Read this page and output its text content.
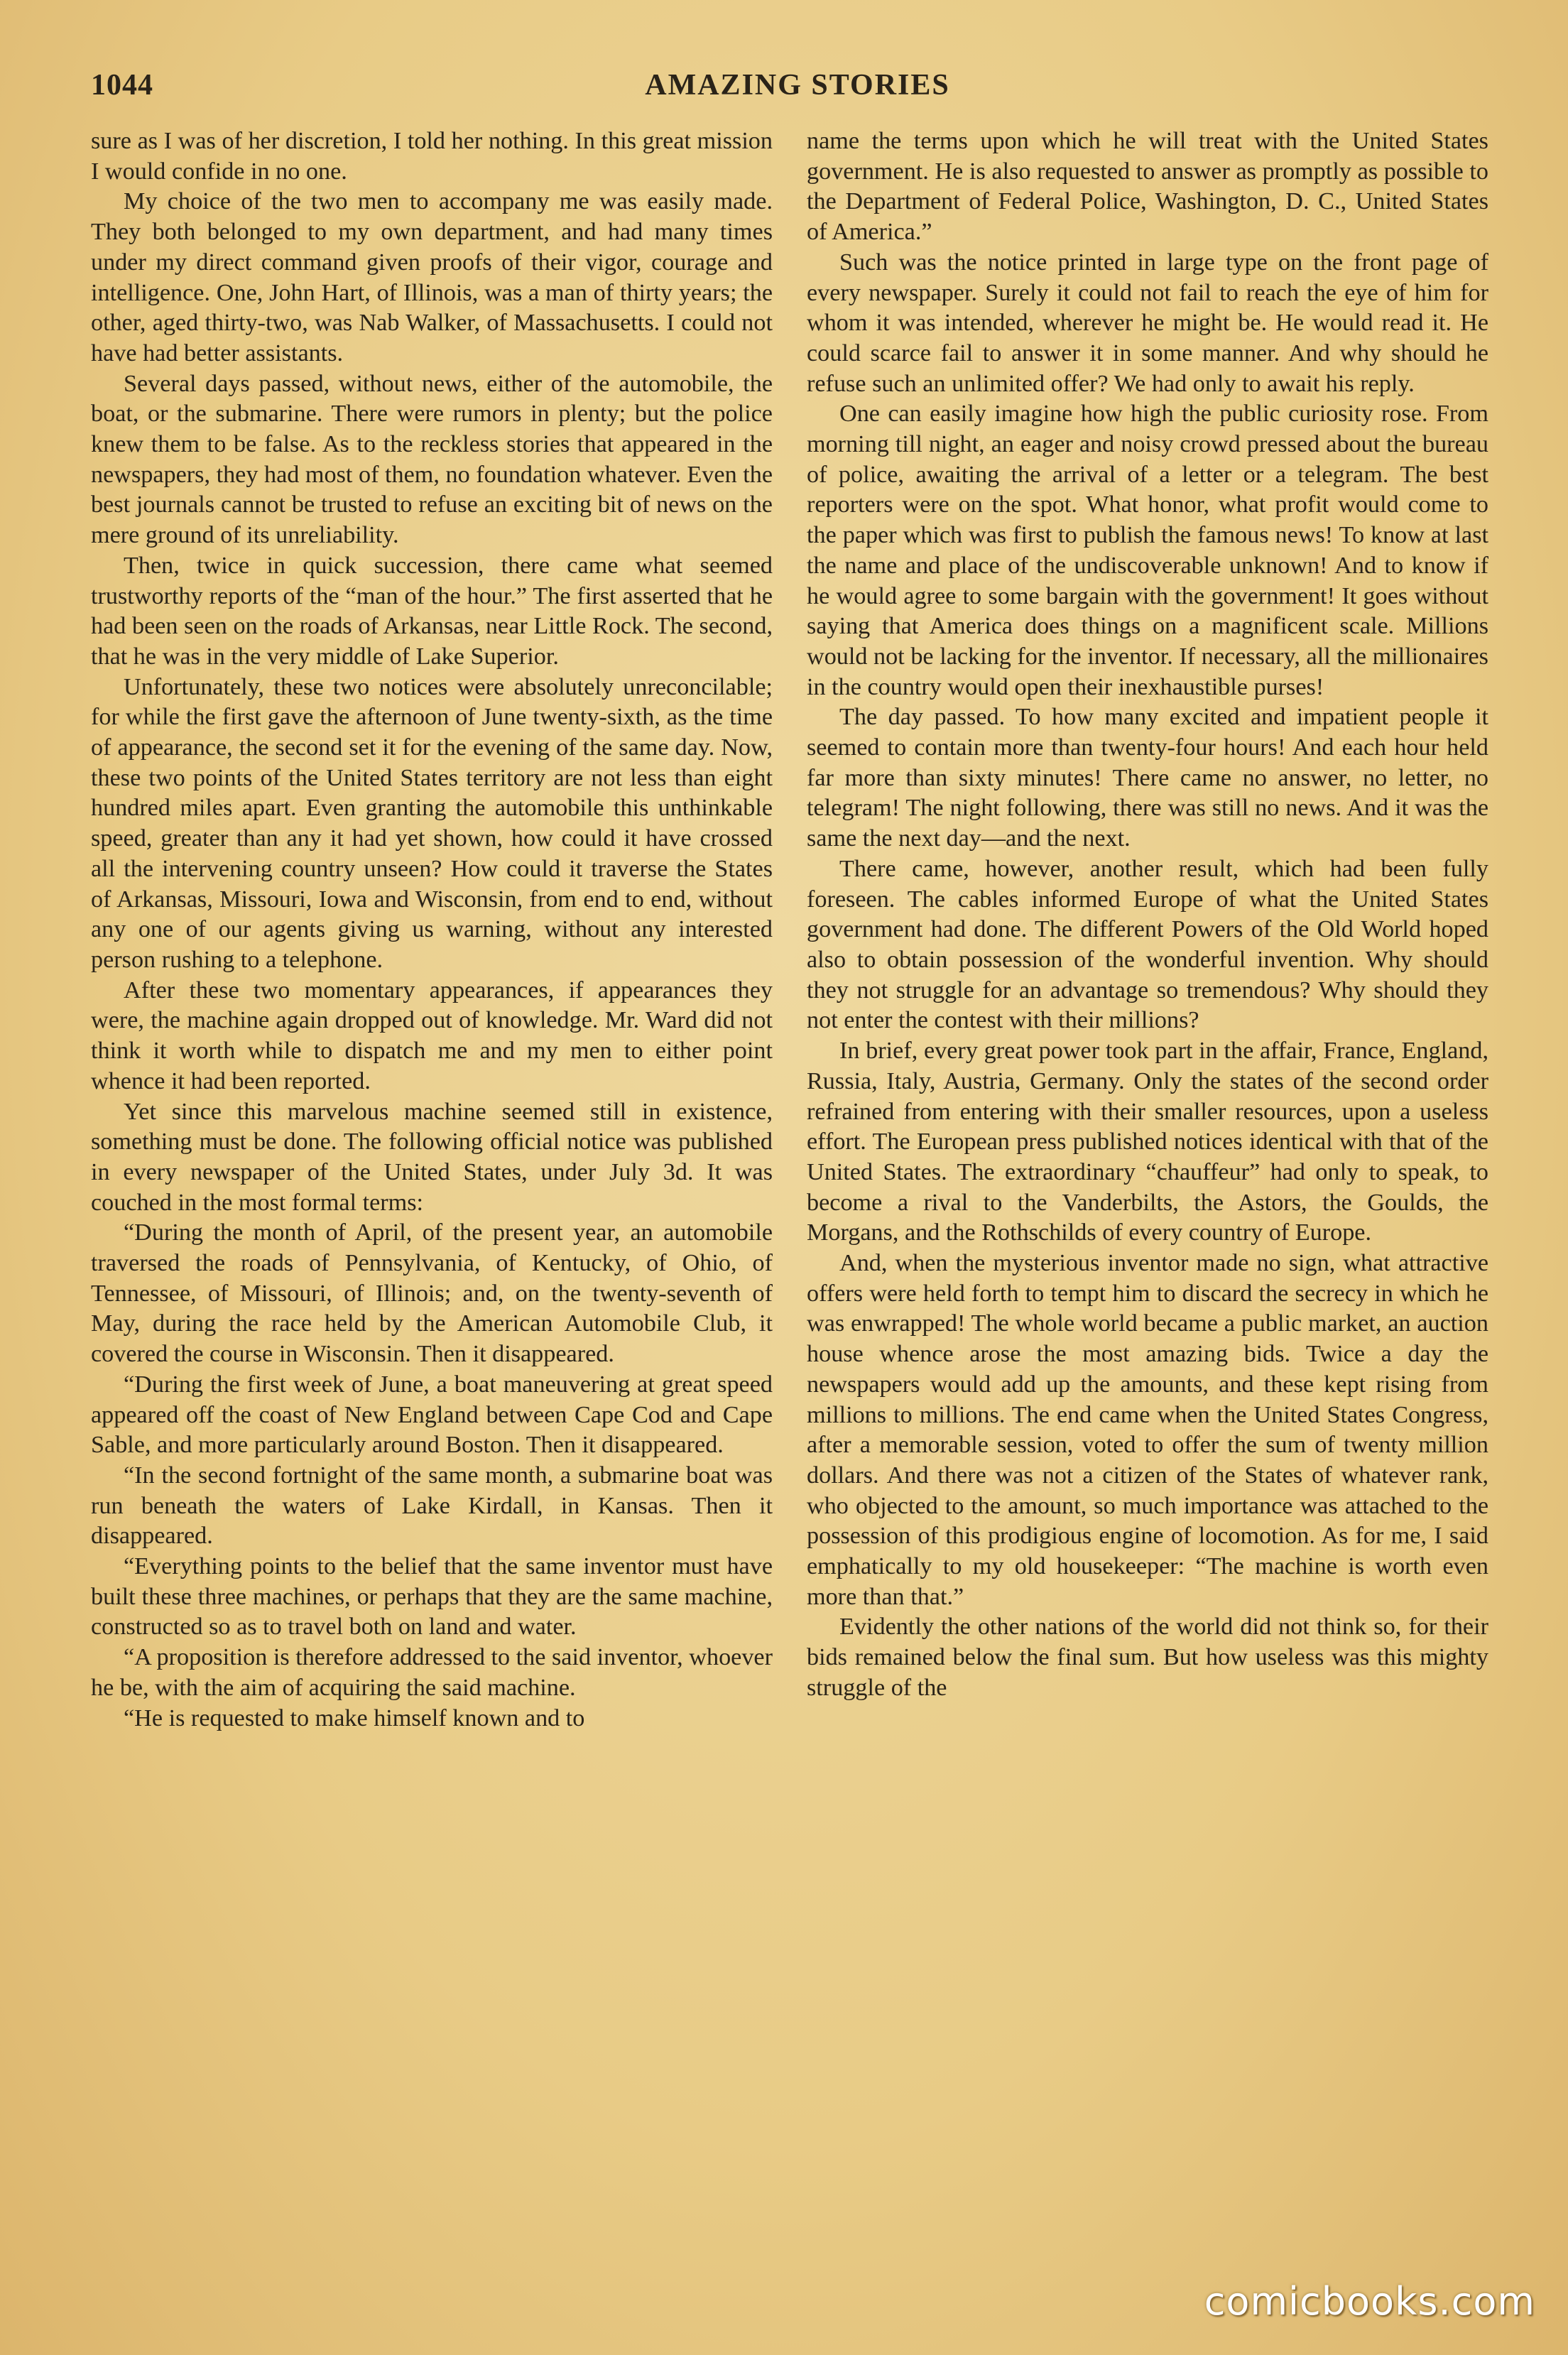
1044	AMAZING STORIES

sure as I was of her discretion, I told her nothing. In this great mission I would confide in no one.

My choice of the two men to accompany me was easily made. They both belonged to my own department, and had many times under my direct command given proofs of their vigor, courage and intelligence. One, John Hart, of Illinois, was a man of thirty years; the other, aged thirty-two, was Nab Walker, of Massachusetts. I could not have had better assistants.

Several days passed, without news, either of the automobile, the boat, or the submarine. There were rumors in plenty; but the police knew them to be false. As to the reckless stories that appeared in the newspapers, they had most of them, no foundation whatever. Even the best journals cannot be trusted to refuse an exciting bit of news on the mere ground of its unreliability.

Then, twice in quick succession, there came what seemed trustworthy reports of the “man of the hour.” The first asserted that he had been seen on the roads of Arkansas, near Little Rock. The second, that he was in the very middle of Lake Superior.

Unfortunately, these two notices were absolutely unreconcilable; for while the first gave the afternoon of June twenty-sixth, as the time of appearance, the second set it for the evening of the same day. Now, these two points of the United States territory are not less than eight hundred miles apart. Even granting the automobile this unthinkable speed, greater than any it had yet shown, how could it have crossed all the intervening country unseen? How could it traverse the States of Arkansas, Missouri, Iowa and Wisconsin, from end to end, without any one of our agents giving us warning, without any interested person rushing to a telephone.

After these two momentary appearances, if appearances they were, the machine again dropped out of knowledge. Mr. Ward did not think it worth while to dispatch me and my men to either point whence it had been reported.

Yet since this marvelous machine seemed still in existence, something must be done. The following official notice was published in every newspaper of the United States, under July 3d. It was couched in the most formal terms:

“During the month of April, of the present year, an automobile traversed the roads of Pennsylvania, of Kentucky, of Ohio, of Tennessee, of Missouri, of Illinois; and, on the twenty-seventh of May, during the race held by the American Automobile Club, it covered the course in Wisconsin. Then it disappeared.

“During the first week of June, a boat maneuvering at great speed appeared off the coast of New England between Cape Cod and Cape Sable, and more particularly around Boston. Then it disappeared.

“In the second fortnight of the same month, a submarine boat was run beneath the waters of Lake Kirdall, in Kansas. Then it disappeared.

“Everything points to the belief that the same inventor must have built these three machines, or perhaps that they are the same machine, constructed so as to travel both on land and water.

“A proposition is therefore addressed to the said inventor, whoever he be, with the aim of acquiring the said machine.

“He is requested to make himself known and to

name the terms upon which he will treat with the United States government. He is also requested to answer as promptly as possible to the Department of Federal Police, Washington, D. C., United States of America.”

Such was the notice printed in large type on the front page of every newspaper. Surely it could not fail to reach the eye of him for whom it was intended, wherever he might be. He would read it. He could scarce fail to answer it in some manner. And why should he refuse such an unlimited offer? We had only to await his reply.

One can easily imagine how high the public curiosity rose. From morning till night, an eager and noisy crowd pressed about the bureau of police, awaiting the arrival of a letter or a telegram. The best reporters were on the spot. What honor, what profit would come to the paper which was first to publish the famous news! To know at last the name and place of the undiscoverable unknown! And to know if he would agree to some bargain with the government! It goes without saying that America does things on a magnificent scale. Millions would not be lacking for the inventor. If necessary, all the millionaires in the country would open their inexhaustible purses!

The day passed. To how many excited and impatient people it seemed to contain more than twenty-four hours! And each hour held far more than sixty minutes! There came no answer, no letter, no telegram! The night following, there was still no news. And it was the same the next day—and the next.

There came, however, another result, which had been fully foreseen. The cables informed Europe of what the United States government had done. The different Powers of the Old World hoped also to obtain possession of the wonderful invention. Why should they not struggle for an advantage so tremendous? Why should they not enter the contest with their millions?

In brief, every great power took part in the affair, France, England, Russia, Italy, Austria, Germany. Only the states of the second order refrained from entering with their smaller resources, upon a useless effort. The European press published notices identical with that of the United States. The extraordinary “chauffeur” had only to speak, to become a rival to the Vanderbilts, the Astors, the Goulds, the Morgans, and the Rothschilds of every country of Europe.

And, when the mysterious inventor made no sign, what attractive offers were held forth to tempt him to discard the secrecy in which he was enwrapped! The whole world became a public market, an auction house whence arose the most amazing bids. Twice a day the newspapers would add up the amounts, and these kept rising from millions to millions. The end came when the United States Congress, after a memorable session, voted to offer the sum of twenty million dollars. And there was not a citizen of the States of whatever rank, who objected to the amount, so much importance was attached to the possession of this prodigious engine of locomotion. As for me, I said emphatically to my old housekeeper: “The machine is worth even more than that.”

Evidently the other nations of the world did not think so, for their bids remained below the final sum. But how useless was this mighty struggle of the

comicbooks.com
